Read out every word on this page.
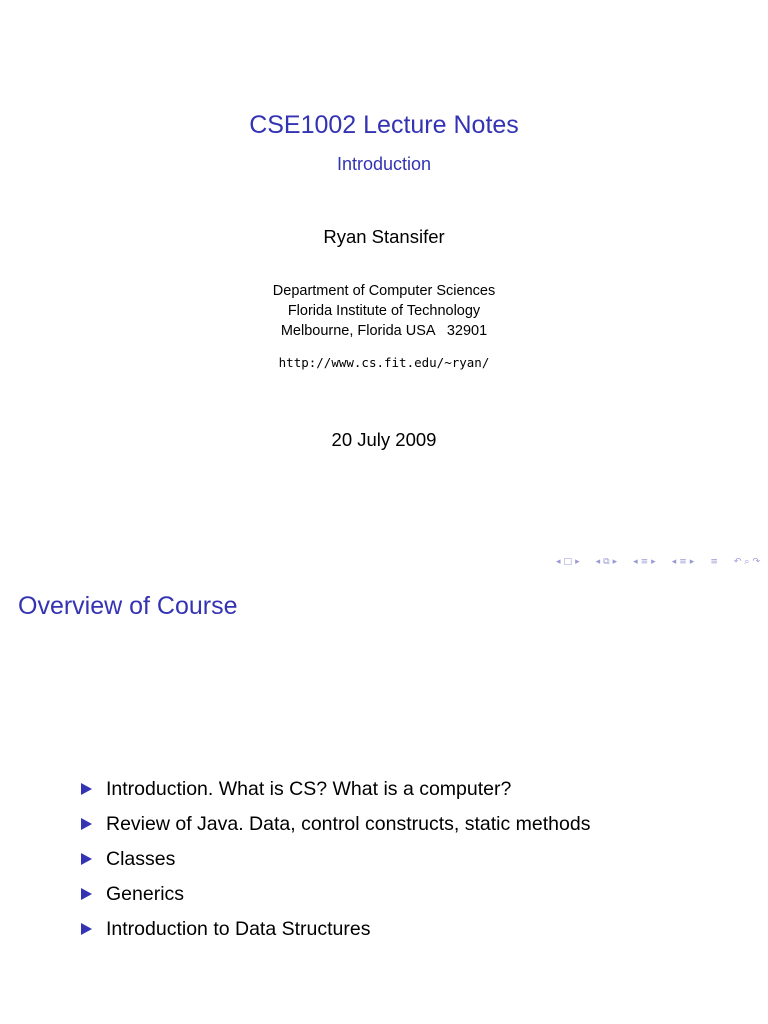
CSE1002 Lecture Notes
Introduction
Ryan Stansifer
Department of Computer Sciences
Florida Institute of Technology
Melbourne, Florida USA   32901
http://www.cs.fit.edu/~ryan/
20 July 2009
◂ □ ▸ ◂ ⧉ ▸ ◂ ≡ ▸ ◂ ≡ ▸ ≡ ↶ ⌕ ↷
Overview of Course
Introduction. What is CS? What is a computer?
Review of Java. Data, control constructs, static methods
Classes
Generics
Introduction to Data Structures
